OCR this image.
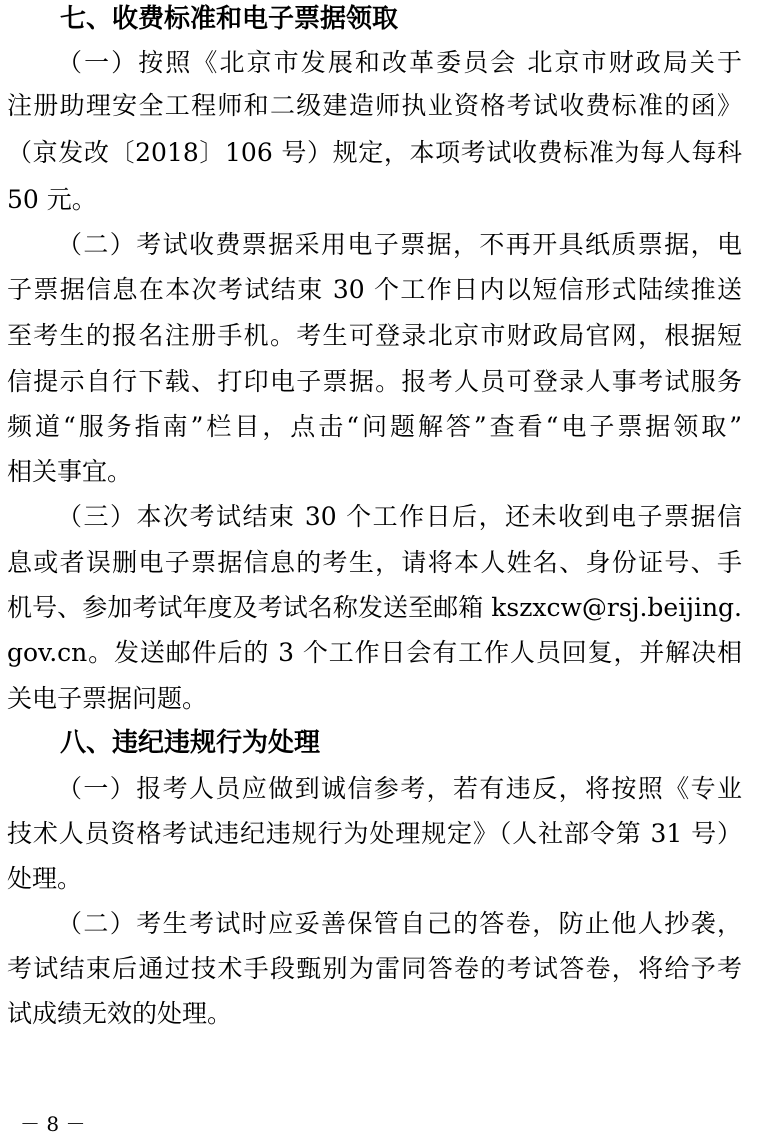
七、收费标准和电子票据领取
（一）按照《北京市发展和改革委员会 北京市财政局关于
注册助理安全工程师和二级建造师执业资格考试收费标准的函》
（京发改〔2018〕106 号）规定，本项考试收费标准为每人每科
50 元。
（二）考试收费票据采用电子票据，不再开具纸质票据，电
子票据信息在本次考试结束 30 个工作日内以短信形式陆续推送
至考生的报名注册手机。考生可登录北京市财政局官网，根据短
信提示自行下载、打印电子票据。报考人员可登录人事考试服务
频道“服务指南”栏目，点击“问题解答”查看“电子票据领取”
相关事宜。
（三）本次考试结束 30 个工作日后，还未收到电子票据信
息或者误删电子票据信息的考生，请将本人姓名、身份证号、手
机号、参加考试年度及考试名称发送至邮箱 kszxcw@rsj.beijing.
gov.cn。发送邮件后的 3 个工作日会有工作人员回复，并解决相
关电子票据问题。
八、违纪违规行为处理
（一）报考人员应做到诚信参考，若有违反，将按照《专业
技术人员资格考试违纪违规行为处理规定》（人社部令第 31 号）
处理。
（二）考生考试时应妥善保管自己的答卷，防止他人抄袭，
考试结束后通过技术手段甄别为雷同答卷的考试答卷，将给予考
试成绩无效的处理。
－ 8 －
